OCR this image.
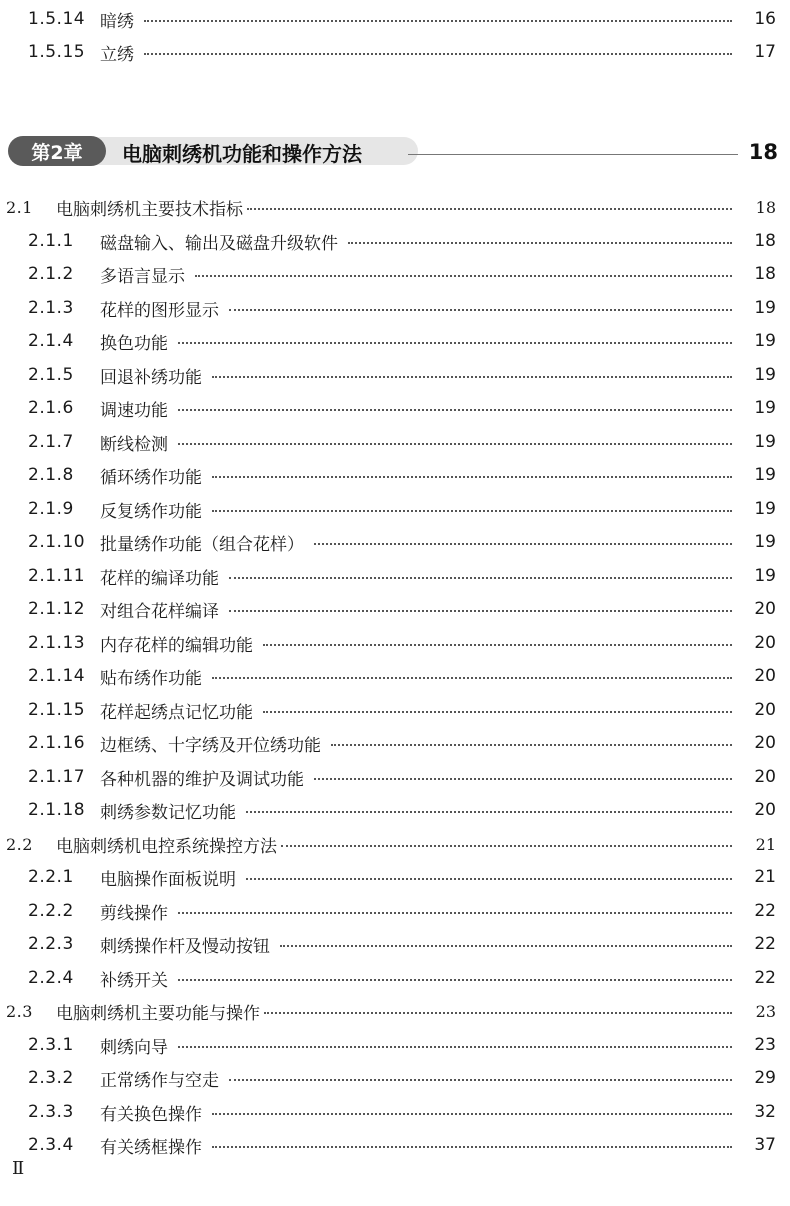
1.5.14 暗绣	16
1.5.15 立绣	17
第2章	电脑刺绣机功能和操作方法	18
2.1	电脑刺绣机主要技术指标	18
2.1.1	磁盘输入、输出及磁盘升级软件	18
2.1.2	多语言显示	18
2.1.3	花样的图形显示	19
2.1.4	换色功能	19
2.1.5	回退补绣功能	19
2.1.6	调速功能	19
2.1.7	断线检测	19
2.1.8	循环绣作功能	19
2.1.9	反复绣作功能	19
2.1.10 批量绣作功能（组合花样）	19
2.1.11 花样的编译功能	19
2.1.12 对组合花样编译	20
2.1.13 内存花样的编辑功能	20
2.1.14 贴布绣作功能	20
2.1.15 花样起绣点记忆功能	20
2.1.16 边框绣、十字绣及开位绣功能	20
2.1.17 各种机器的维护及调试功能	20
2.1.18 刺绣参数记忆功能	20
2.2	电脑刺绣机电控系统操控方法	21
2.2.1	电脑操作面板说明	21
2.2.2	剪线操作	22
2.2.3	刺绣操作杆及慢动按钮	22
2.2.4	补绣开关	22
2.3	电脑刺绣机主要功能与操作	23
2.3.1	刺绣向导	23
2.3.2	正常绣作与空走	29
2.3.3	有关换色操作	32
2.3.4	有关绣框操作	37
Ⅱ
